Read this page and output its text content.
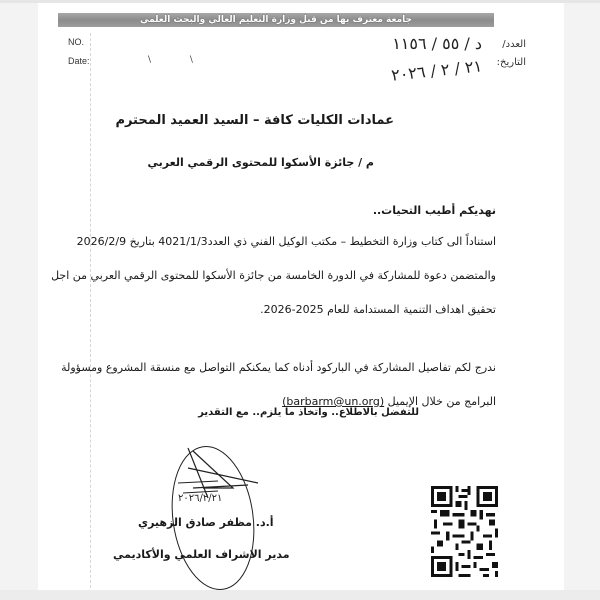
جامعة معترف بها من قبل وزارة التعليم العالي والبحث العلمي
NO.
Date:	\ \
العدد/
د / ٥٥ / ١١٥٦
التاريخ:
٢١ / ٢ / ٢٠٢٦
عمادات الكليات كافة – السيد العميد المحترم
م / جائزة الأسكوا للمحتوى الرقمي العربي
نهديكم أطيب التحيات..
استناداً الى كتاب وزارة التخطيط – مكتب الوكيل الفني ذي العدد4021/1/3 بتاريخ 2026/2/9 والمتضمن دعوة للمشاركة في الدورة الخامسة من جائزة الأسكوا للمحتوى الرقمي العربي من اجل تحقيق اهداف التنمية المستدامة للعام 2025-2026.
ندرج لكم تفاصيل المشاركة في الباركود أدناه كما يمكنكم التواصل مع منسقة المشروع ومسؤولة البرامج من خلال الإيميل (barbarm@un.org)
للتفضل بالاطلاع.. واتخاذ ما يلزم.. مع التقدير
٢٠٢٦/٢/٢١
أ.د. مظفر صادق الزهيري
مدير الاشراف العلمي والأكاديمي
